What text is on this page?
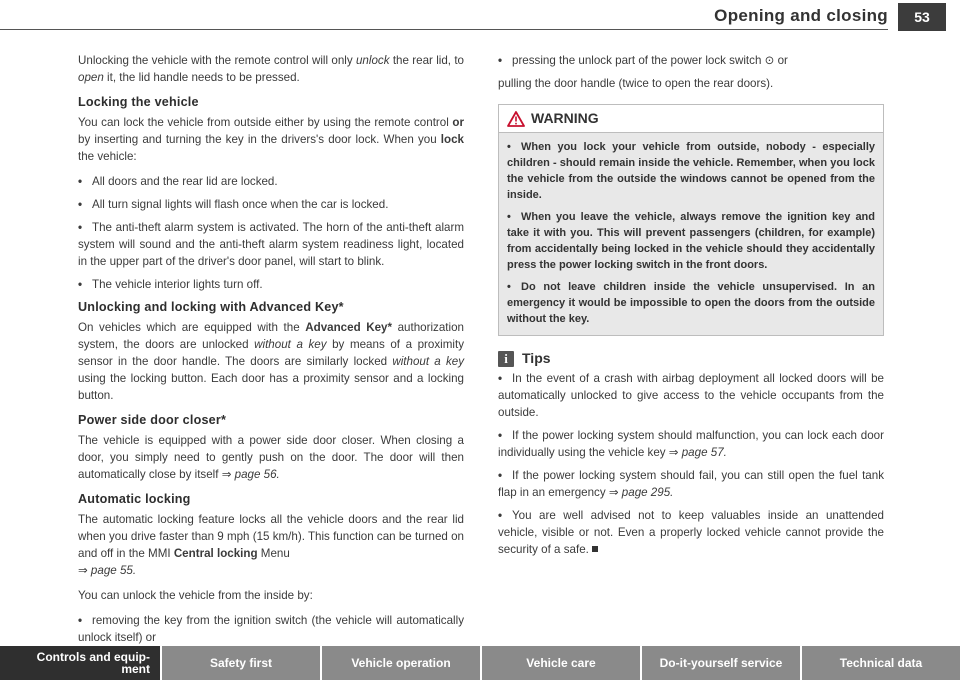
Opening and closing	53

Unlocking the vehicle with the remote control will only unlock the rear lid, to open it, the lid handle needs to be pressed.

Locking the vehicle

You can lock the vehicle from outside either by using the remote control or by inserting and turning the key in the drivers's door lock. When you lock the vehicle:

• All doors and the rear lid are locked.
• All turn signal lights will flash once when the car is locked.
• The anti-theft alarm system is activated. The horn of the anti-theft alarm system will sound and the anti-theft alarm system readiness light, located in the upper part of the driver's door panel, will start to blink.
• The vehicle interior lights turn off.
Unlocking and locking with Advanced Key*

On vehicles which are equipped with the Advanced Key* authorization system, the doors are unlocked without a key by means of a proximity sensor in the door handle. The doors are similarly locked without a key using the locking button. Each door has a proximity sensor and a locking button.

Power side door closer*

The vehicle is equipped with a power side door closer. When closing a door, you simply need to gently push on the door. The door will then automatically close by itself ⇒ page 56.

Automatic locking

The automatic locking feature locks all the vehicle doors and the rear lid when you drive faster than 9 mph (15 km/h). This function can be turned on and off in the MMI Central locking Menu
⇒ page 55.

You can unlock the vehicle from the inside by:

• removing the key from the ignition switch (the vehicle will automatically unlock itself) or
• pressing the unlock part of the power lock switch ⊙ or

pulling the door handle (twice to open the rear doors).

WARNING
• When you lock your vehicle from outside, nobody - especially children - should remain inside the vehicle. Remember, when you lock the vehicle from the outside the windows cannot be opened from the inside.
• When you leave the vehicle, always remove the ignition key and take it with you. This will prevent passengers (children, for example) from accidentally being locked in the vehicle should they accidentally press the power locking switch in the front doors.
• Do not leave children inside the vehicle unsupervised. In an emergency it would be impossible to open the doors from the outside without the key.
i	Tips
• In the event of a crash with airbag deployment all locked doors will be automatically unlocked to give access to the vehicle occupants from the outside.
• If the power locking system should malfunction, you can lock each door individually using the vehicle key ⇒ page 57.
• If the power locking system should fail, you can still open the fuel tank flap in an emergency ⇒ page 295.
• You are well advised not to keep valuables inside an unattended vehicle, visible or not. Even a properly locked vehicle cannot provide the security of a safe.
Controls and equip-
ment	Safety first	Vehicle operation	Vehicle care	Do-it-yourself service	Technical data
